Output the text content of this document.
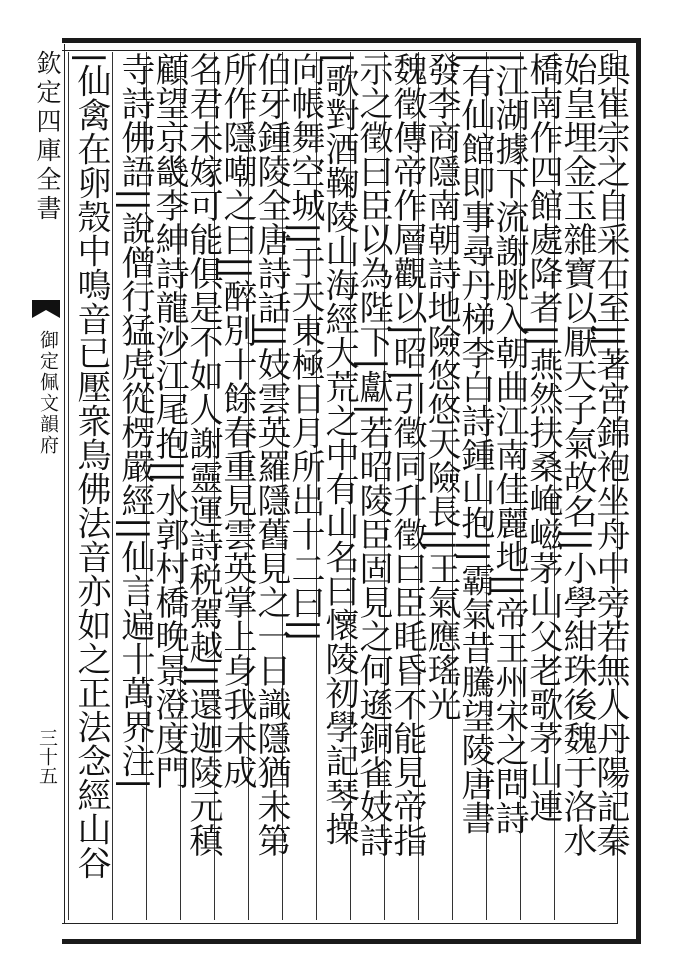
欽定四庫全書
御定佩文韻府
三十五	與崔宗之自采石至||著宮錦袍坐舟中旁若無人丹陽記秦
始皇埋金玉雜寶以厭天子氣故名||小學紺珠後魏于洛水
橋南作四館處降者||燕然扶桑崦嵫茅山父老歌茅山連
|江湖據下流謝朓入朝曲江南佳麗地||帝王州宋之問詩
|有仙館即事尋丹梯李白詩鍾山抱||霸氣昔騰望陵唐書
發李商隱南朝詩地險悠悠天險長||王氣應瑤光
魏徵傳帝作層觀以|昭|引徵同升徵曰臣眊昏不能見帝指
示之徵曰臣以為陛下|獻|若昭陵臣固見之何遜銅雀妓詩
|歌對酒鞠陵山海經大荒之中有山名曰懷陵初學記琴操
向帳舞空城||于天東極日月所出十二曰||
伯牙鍾陵全唐詩話||妓雲英羅隱舊見之一日識隱猶未第
所作隱嘲之曰||醉別十餘春重見雲英掌上身我未成
名君未嫁可能俱是不如人謝靈運詩税駕越||還迦陵元稹
顧望京畿李紳詩龍沙江尾抱||水郭村橋晚景澄度門
寺詩佛語||說僧行猛虎從楞嚴經||仙言遍十萬界注|
|仙禽在卵殼中鳴音已壓衆鳥佛法音亦如之正法念經山谷
